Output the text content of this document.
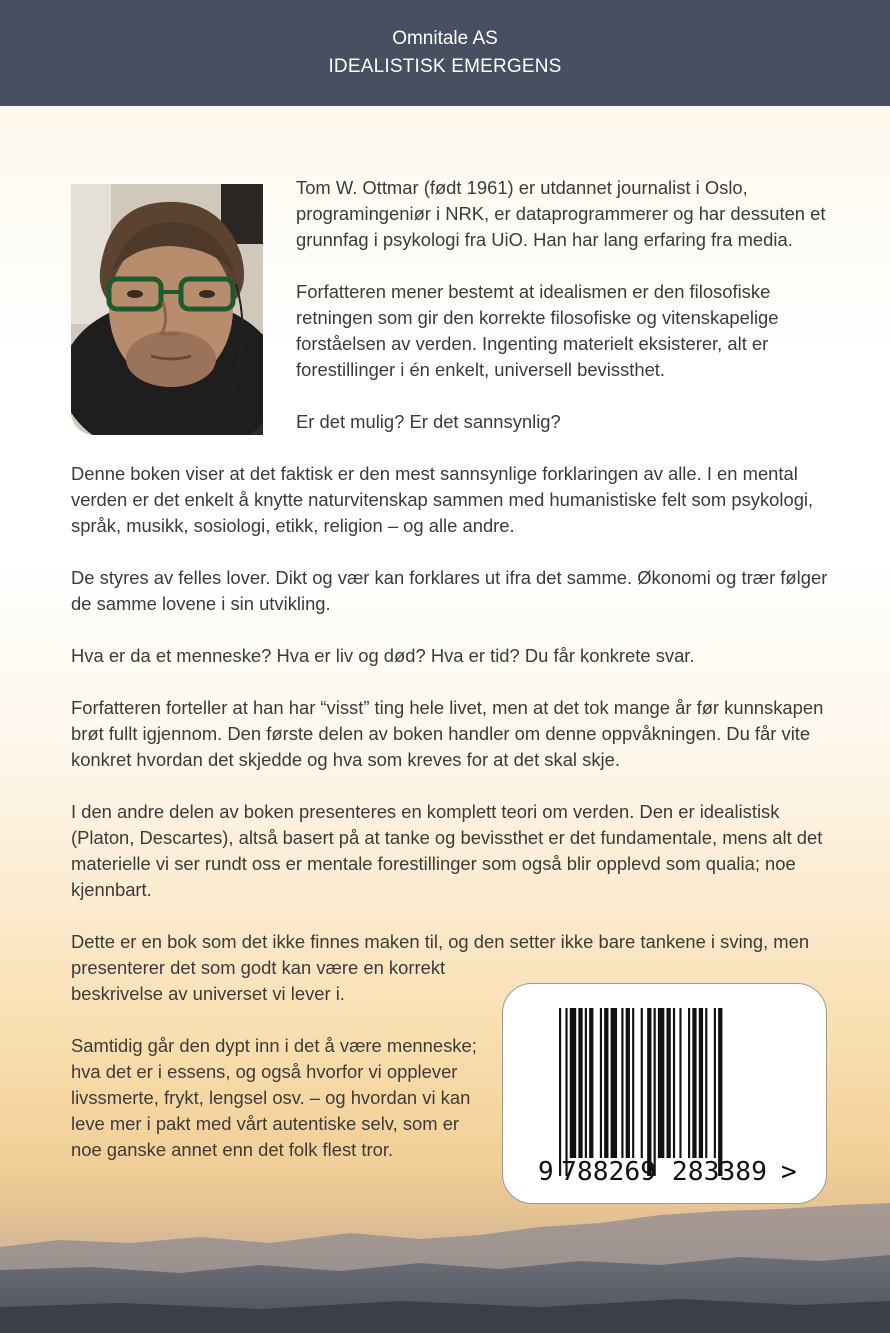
Omnitale AS
IDEALISTISK EMERGENS

Tom W. Ottmar (født 1961) er utdannet journalist i Oslo, programingeniør i NRK, er dataprogrammerer og har dessuten et grunnfag i psykologi fra UiO. Han har lang erfaring fra media.

Forfatteren mener bestemt at idealismen er den filosofiske retningen som gir den korrekte filosofiske og vitenskapelige forståelsen av verden. Ingenting materielt eksisterer, alt er forestillinger i én enkelt, universell bevissthet.

Er det mulig? Er det sannsynlig?

Denne boken viser at det faktisk er den mest sannsynlige forklaringen av alle. I en mental verden er det enkelt å knytte naturvitenskap sammen med humanistiske felt som psykologi, språk, musikk, sosiologi, etikk, religion – og alle andre.

De styres av felles lover. Dikt og vær kan forklares ut ifra det samme. Økonomi og trær følger de samme lovene i sin utvikling.

Hva er da et menneske? Hva er liv og død? Hva er tid? Du får konkrete svar.

Forfatteren forteller at han har “visst” ting hele livet, men at det tok mange år før kunnskapen brøt fullt igjennom. Den første delen av boken handler om denne oppvåkningen. Du får vite konkret hvordan det skjedde og hva som kreves for at det skal skje.

I den andre delen av boken presenteres en komplett teori om verden. Den er idealistisk (Platon, Descartes), altså basert på at tanke og bevissthet er det fundamentale, mens alt det materielle vi ser rundt oss er mentale forestillinger som også blir opplevd som qualia; noe kjennbart.

Dette er en bok som det ikke finnes maken til, og den setter ikke bare tankene i sving, men
presenterer det som godt kan være en korrekt
beskrivelse av universet vi lever i.
Samtidig går den dypt inn i det å være menneske;
hva det er i essens, og også hvorfor vi opplever
livssmerte, frykt, lengsel osv. – og hvordan vi kan
leve mer i pakt med vårt autentiske selv, som er
noe ganske annet enn det folk flest tror.
9 788269 283389 >
